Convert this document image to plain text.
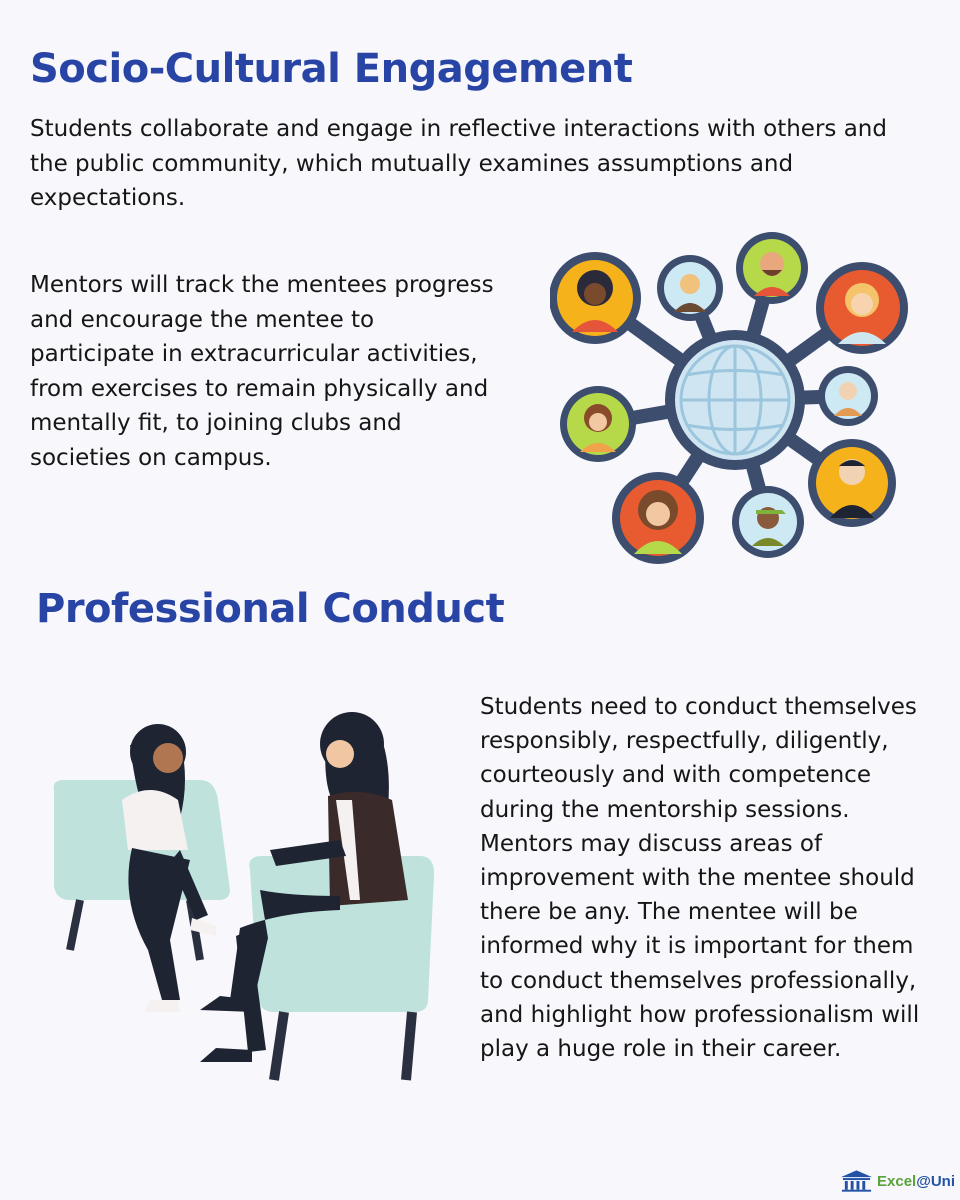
Socio-Cultural Engagement

Students collaborate and engage in reflective interactions with others and the public community, which mutually examines assumptions and expectations.

Mentors will track the mentees progress and encourage the mentee to participate in extracurricular activities, from exercises to remain physically and mentally fit, to joining clubs and societies on campus.

Professional Conduct

Students need to conduct themselves responsibly, respectfully, diligently, courteously and with competence during the mentorship sessions. Mentors may discuss areas of improvement with the mentee should there be any. The mentee will be informed why it is important for them to conduct themselves professionally, and highlight how professionalism will play a huge role in their career.

Excel@Uni
